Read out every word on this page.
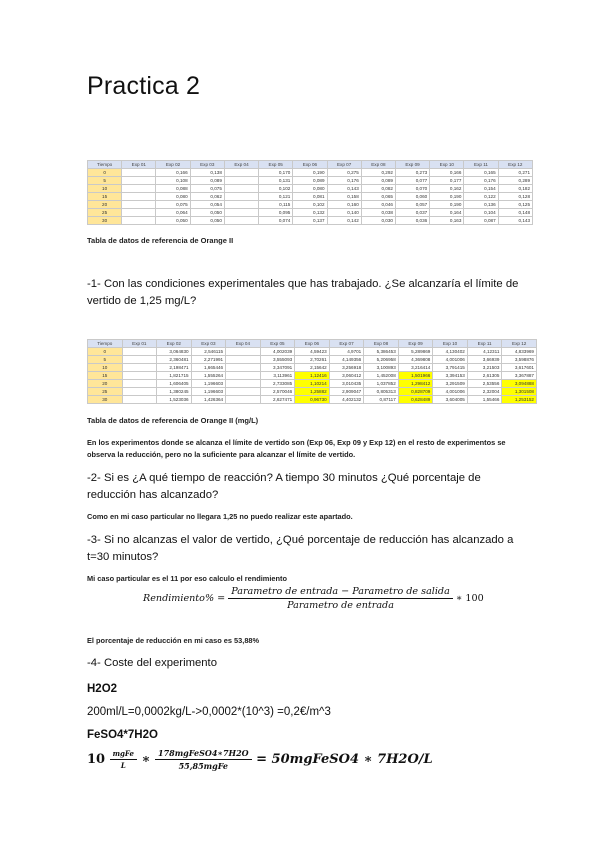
Practica 2
Tiempo	Exp 01	Exp 02	Exp 03	Exp 04	Exp 05	Exp 06	Exp 07	Exp 08	Exp 09	Exp 10	Exp 11	Exp 12
0		0,166	0,138		0,170	0,190	0,275	0,292	0,273	0,166	0,165	0,271
5		0,108	0,089		0,131	0,089	0,176	0,089	0,077	0,177	0,176	0,289
10		0,088	0,075		0,102	0,080	0,143	0,082	0,070	0,162	0,154	0,182
15		0,080	0,062		0,121	0,081	0,158	0,065	0,060	0,190	0,122	0,128
20		0,075	0,054		0,115	0,102	0,160	0,046	0,057	0,190	0,136	0,125
25		0,064	0,050		0,095	0,132	0,140	0,038	0,037	0,164	0,104	0,148
30		0,050	0,050		0,074	0,137	0,142	0,030	0,036	0,163	0,087	0,143
Tabla de datos de referencia de Orange II
-1- Con las condiciones experimentales que has trabajado. ¿Se alcanzaría el límite de vertido de 1,25 mg/L?
Tiempo	Exp 01	Exp 02	Exp 03	Exp 04	Exp 05	Exp 06	Exp 07	Exp 08	Exp 09	Exp 10	Exp 11	Exp 12
0		3,064830	2,546115		4,002039	4,59423	4,9701	5,386453	5,289869	4,130402	4,12311	4,833969
5		2,360481	2,271991		3,555093	2,70261	4,149356	5,206958	4,369808	4,001006	3,66939	3,598876
10		2,198471	1,665446		3,347091	2,15642	3,256918	3,100893	3,216414	3,791415	3,21503	3,617601
15		1,821715	1,555264		3,113961	1,12416	3,060412	1,452008	1,501966	3,394153	2,61305	3,367887
20		1,606405	1,196603		2,733085	1,10214	3,010435	1,037852	1,298412	3,291509	2,53556	3,094888
25		1,380245	1,196603		2,570046	1,25882	2,909047	0,805313	0,828709	4,001006	2,32004	1,301508
30		1,523036	1,426364		2,627471	0,96730	4,402132	0,87117	0,628489	3,604005	1,55466	1,253152
Tabla de datos de referencia de Orange II (mg/L)
En los experimentos donde se alcanza el límite de vertido son (Exp 06, Exp 09 y Exp 12) en el resto de experimentos se observa la reducción, pero no la suficiente para alcanzar el límite de vertido.
-2- Si es ¿A qué tiempo de reacción? A tiempo 30 minutos ¿Qué porcentaje de reducción has alcanzado?
Como en mi caso particular no llegara 1,25 no puedo realizar este apartado.
-3- Si no alcanzas el valor de vertido, ¿Qué porcentaje de reducción has alcanzado a t=30 minutos?
Mi caso particular es el 11 por eso calculo el rendimiento
Rendimiento% = $\frac{\text{Parametro de entrada − Parametro de salida}}{\text{Parametro de entrada}}$ ∗ 100
El porcentaje de reducción en mi caso es 53,88%
-4- Coste del experimento
H2O2
200ml/L=0,0002kg/L->0,0002*(10^3) =0,2€/m^3
FeSO4*7H2O
$10 \frac{\text{mgFe}}{L}$ ∗ $\frac{\text{178mgFeSO4∗7H2O}}{\text{55,85mgFe}}$ = 50mgFeSO4 ∗ 7H2O/L
